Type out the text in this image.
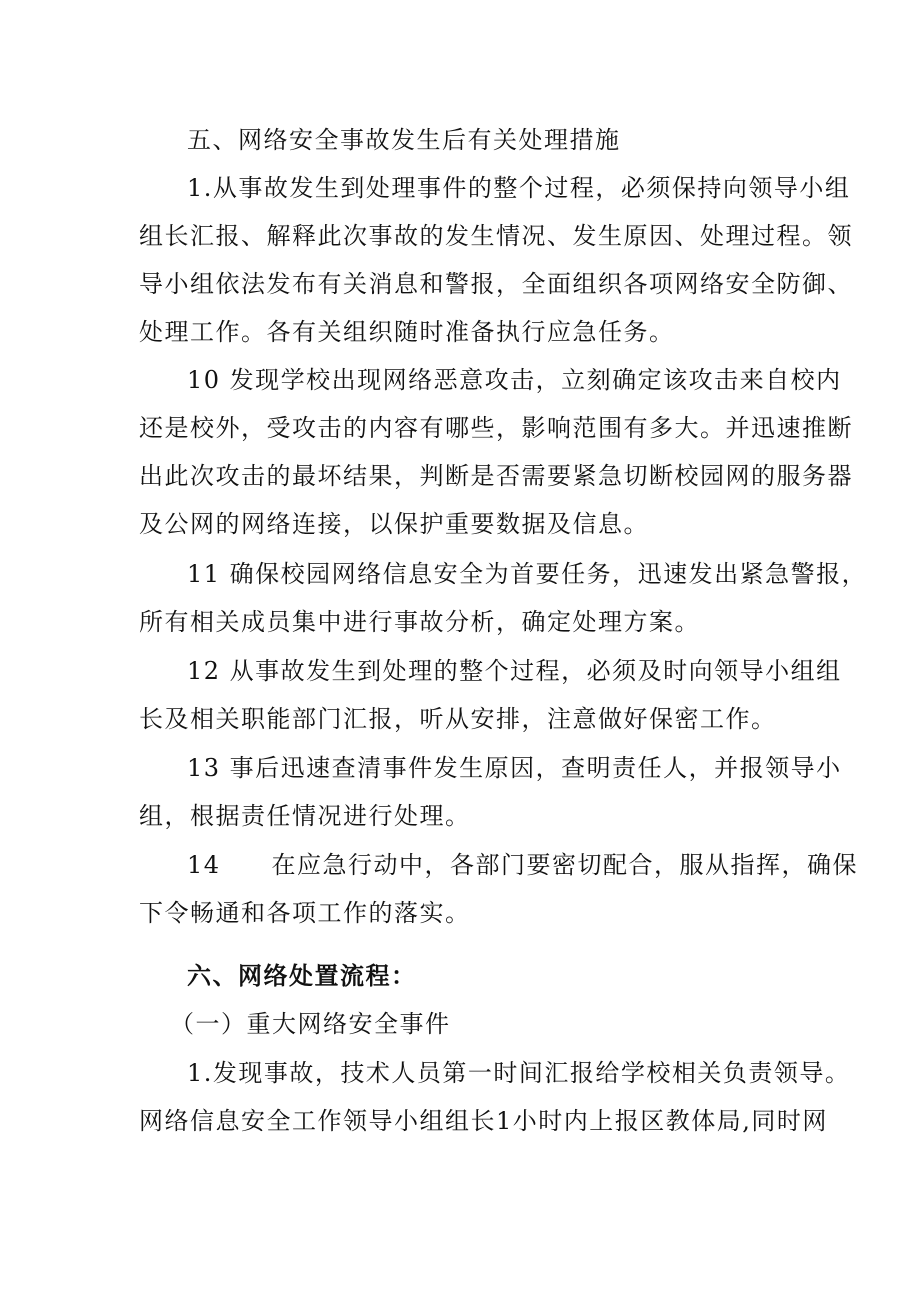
五、网络安全事故发生后有关处理措施
1.从事故发生到处理事件的整个过程，必须保持向领导小组
组长汇报、解释此次事故的发生情况、发生原因、处理过程。领
导小组依法发布有关消息和警报，全面组织各项网络安全防御、
处理工作。各有关组织随时准备执行应急任务。
10 发现学校出现网络恶意攻击，立刻确定该攻击来自校内
还是校外，受攻击的内容有哪些，影响范围有多大。并迅速推断
出此次攻击的最坏结果，判断是否需要紧急切断校园网的服务器
及公网的网络连接，以保护重要数据及信息。
11 确保校园网络信息安全为首要任务，迅速发出紧急警报，
所有相关成员集中进行事故分析，确定处理方案。
12 从事故发生到处理的整个过程，必须及时向领导小组组
长及相关职能部门汇报，听从安排，注意做好保密工作。
13 事后迅速查清事件发生原因，查明责任人，并报领导小
组，根据责任情况进行处理。
14　　在应急行动中，各部门要密切配合，服从指挥，确保
下令畅通和各项工作的落实。
六、网络处置流程：
（一）重大网络安全事件
1.发现事故，技术人员第一时间汇报给学校相关负责领导。
网络信息安全工作领导小组组长1小时内上报区教体局,同时网
